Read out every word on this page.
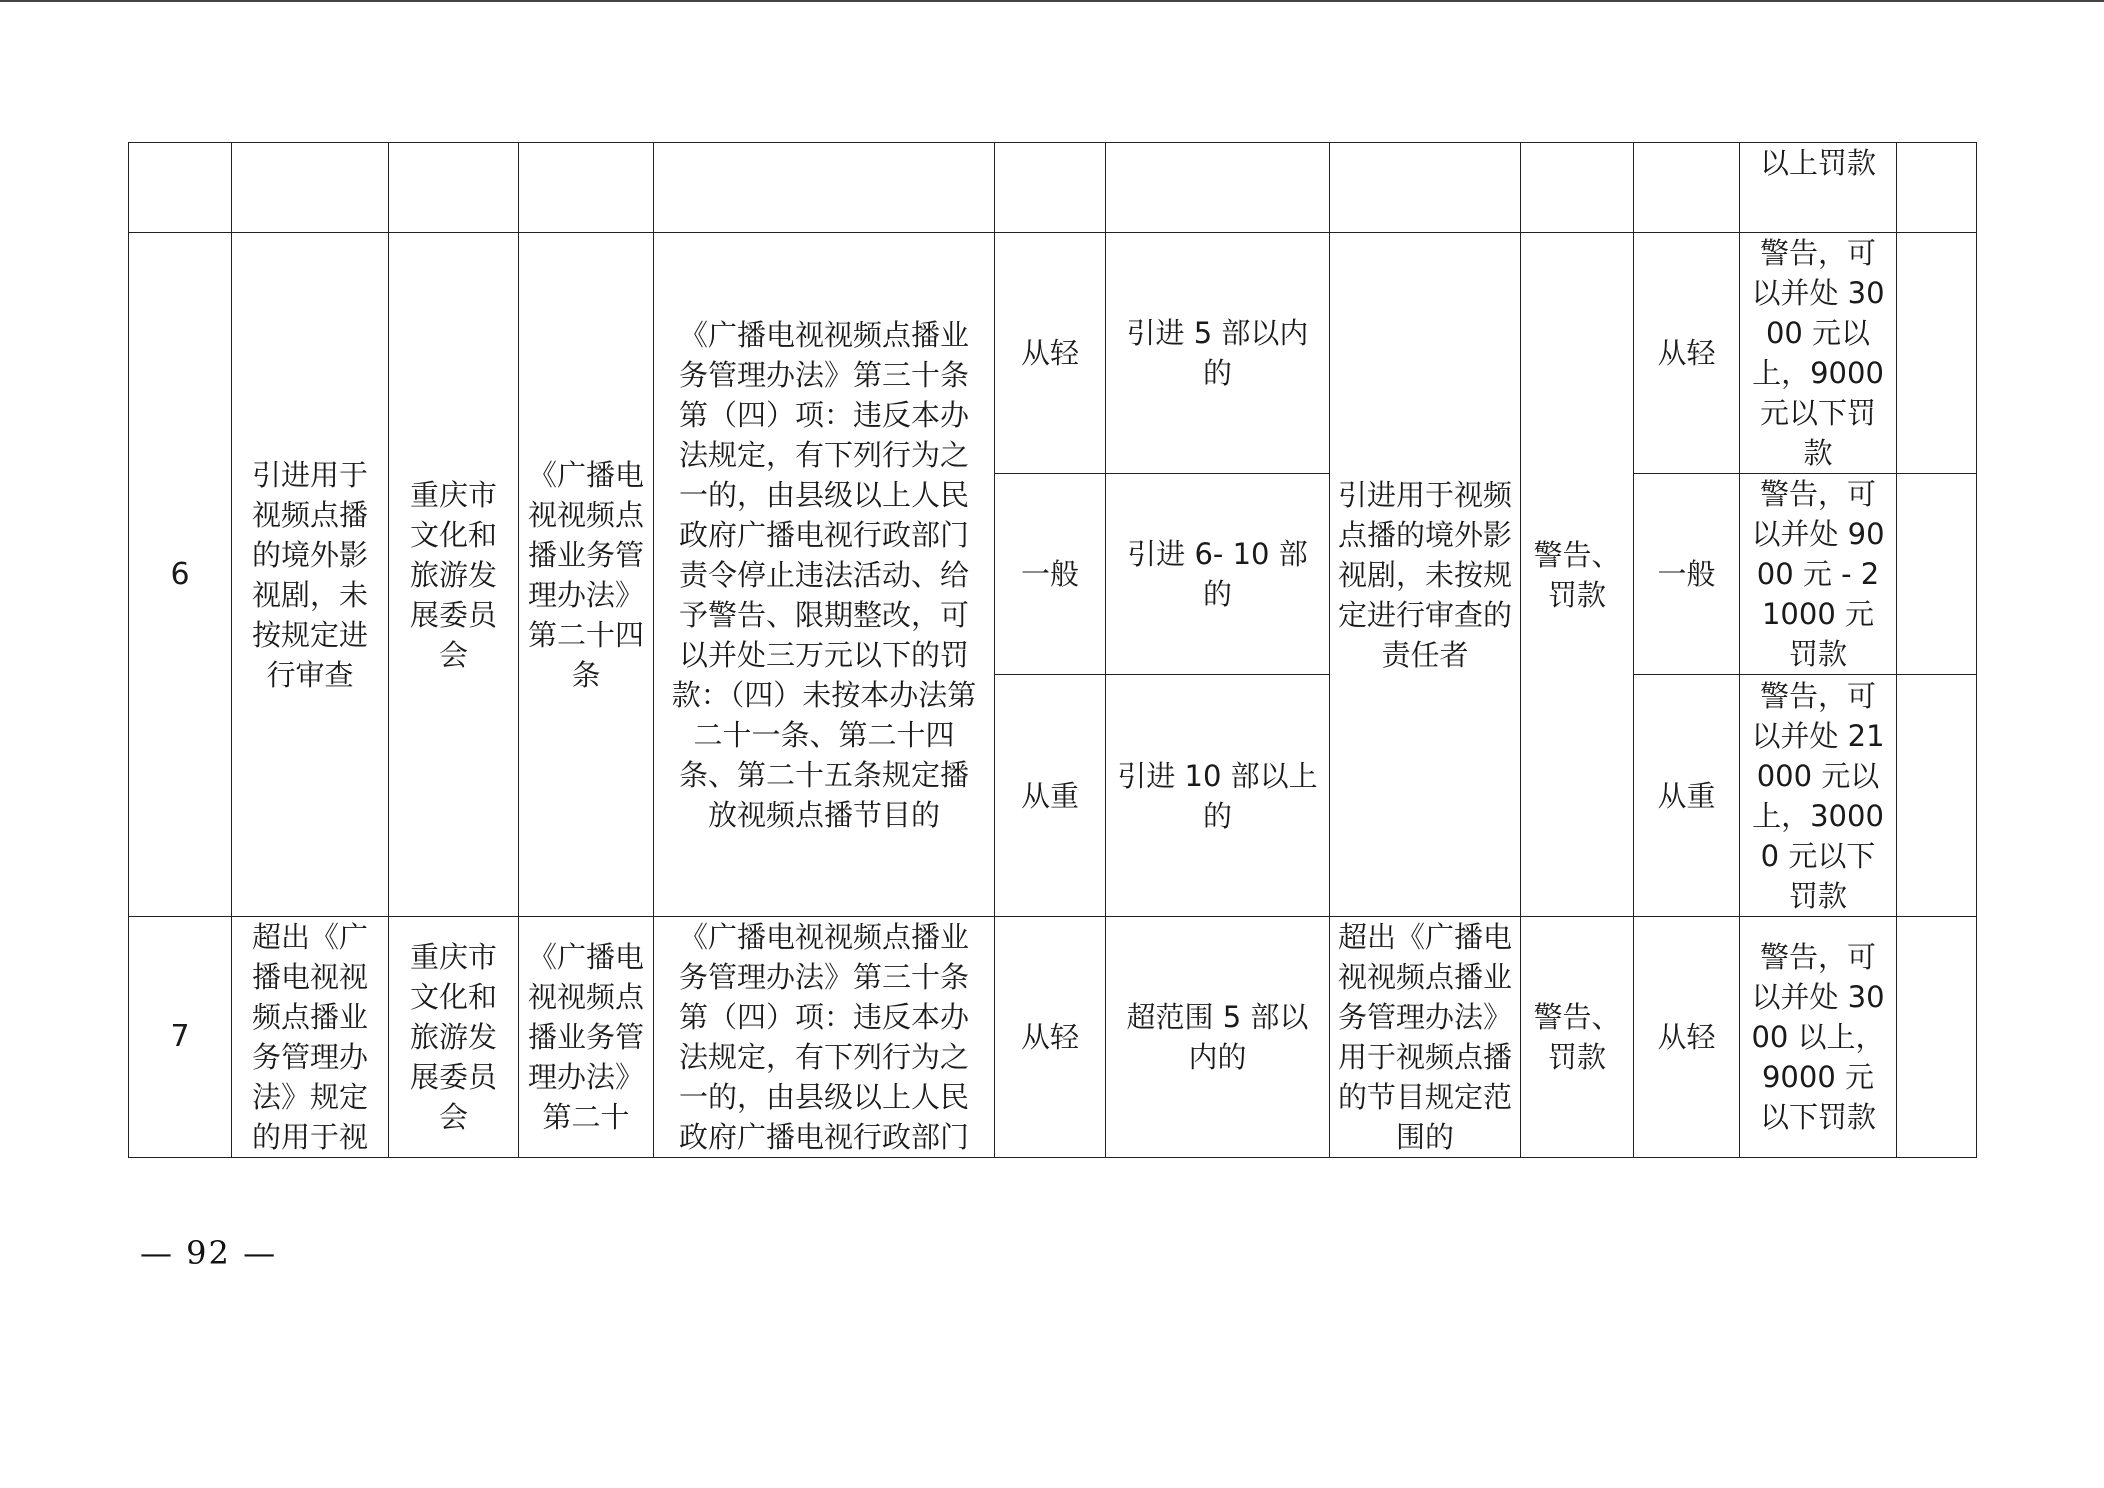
										以上罚款	
6	引进用于视频点播的境外影视剧，未按规定进行审查	重庆市文化和旅游发展委员会	《广播电视视频点播业务管理办法》第二十四条	《广播电视视频点播业务管理办法》第三十条第（四）项：违反本办法规定，有下列行为之一的，由县级以上人民政府广播电视行政部门责令停止违法活动、给予警告、限期整改，可以并处三万元以下的罚款：（四）未按本办法第二十一条、第二十四条、第二十五条规定播放视频点播节目的	从轻	引进 5 部以内的	引进用于视频点播的境外影视剧，未按规定进行审查的责任者	警告、罚款	从轻	警告，可以并处 3000 元以上，9000 元以下罚款	
					一般	引进 6- 10 部的			一般	警告，可以并处 9000 元 - 21000 元罚款	
					从重	引进 10 部以上的			从重	警告，可以并处 21000 元以上，30000 元以下罚款	
7	超出《广播电视视频点播业务管理办法》规定的用于视	重庆市文化和旅游发展委员会	《广播电视视频点播业务管理办法》第二十	《广播电视视频点播业务管理办法》第三十条第（四）项：违反本办法规定，有下列行为之一的，由县级以上人民政府广播电视行政部门	从轻	超范围 5 部以内的	超出《广播电视视频点播业务管理办法》用于视频点播的节目规定范围的	警告、罚款	从轻	警告，可以并处 3000 以上，9000 元以下罚款	
— 92 —
